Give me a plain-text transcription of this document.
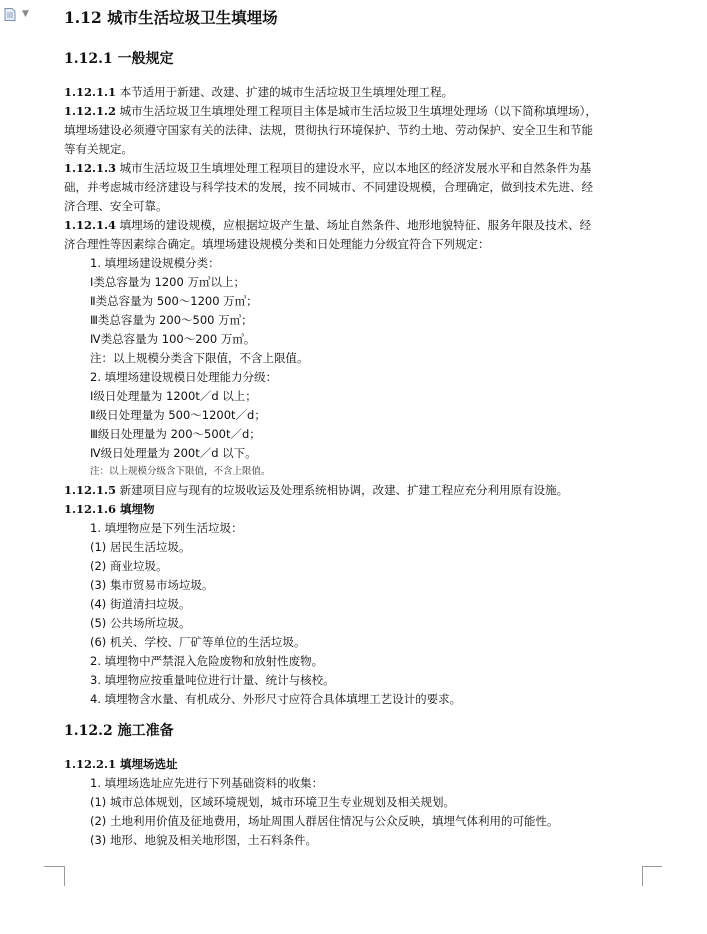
▼ 1.12 城市生活垃圾卫生填埋场
1.12.1 一般规定
1.12.1.1 本节适用于新建、改建、扩建的城市生活垃圾卫生填埋处理工程。
1.12.1.2 城市生活垃圾卫生填埋处理工程项目主体是城市生活垃圾卫生填埋处理场（以下简称填埋场），
填埋场建设必须遵守国家有关的法律、法规，贯彻执行环境保护、节约土地、劳动保护、安全卫生和节能
等有关规定。
1.12.1.3 城市生活垃圾卫生填埋处理工程项目的建设水平，应以本地区的经济发展水平和自然条件为基
础，并考虑城市经济建设与科学技术的发展，按不同城市、不同建设规模，合理确定，做到技术先进、经
济合理、安全可靠。
1.12.1.4 填埋场的建设规模，应根据垃圾产生量、场址自然条件、地形地貌特征、服务年限及技术、经
济合理性等因素综合确定。填埋场建设规模分类和日处理能力分级宜符合下列规定：
1. 填埋场建设规模分类：
Ⅰ类总容量为 1200 万㎥以上；
Ⅱ类总容量为 500～1200 万㎥；
Ⅲ类总容量为 200～500 万㎥；
Ⅳ类总容量为 100～200 万㎥。
注：以上规模分类含下限值，不含上限值。
2. 填埋场建设规模日处理能力分级：
Ⅰ级日处理量为 1200t／d 以上；
Ⅱ级日处理量为 500～1200t／d；
Ⅲ级日处理量为 200～500t／d；
Ⅳ级日处理量为 200t／d 以下。
注：以上规模分级含下限值，不含上限值。
1.12.1.5 新建项目应与现有的垃圾收运及处理系统相协调，改建、扩建工程应充分利用原有设施。
1.12.1.6 填埋物
1. 填埋物应是下列生活垃圾：
(1) 居民生活垃圾。
(2) 商业垃圾。
(3) 集市贸易市场垃圾。
(4) 街道清扫垃圾。
(5) 公共场所垃圾。
(6) 机关、学校、厂矿等单位的生活垃圾。
2. 填埋物中严禁混入危险废物和放射性废物。
3. 填埋物应按重量吨位进行计量、统计与核校。
4. 填埋物含水量、有机成分、外形尺寸应符合具体填埋工艺设计的要求。
1.12.2 施工准备
1.12.2.1 填埋场选址
1. 填埋场选址应先进行下列基础资料的收集：
(1) 城市总体规划，区域环境规划，城市环境卫生专业规划及相关规划。
(2) 土地利用价值及征地费用，场址周围人群居住情况与公众反映，填埋气体利用的可能性。
(3) 地形、地貌及相关地形图，土石料条件。
